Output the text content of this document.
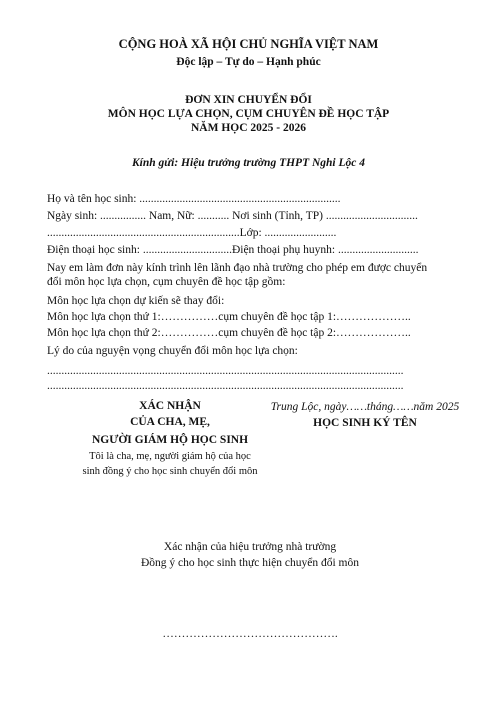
CỘNG HOÀ XÃ HỘI CHỦ NGHĨA VIỆT NAM
Độc lập – Tự do – Hạnh phúc
ĐƠN XIN CHUYỂN ĐỔI
MÔN HỌC LỰA CHỌN, CỤM CHUYÊN ĐỀ HỌC TẬP
NĂM HỌC 2025 - 2026
Kính gửi: Hiệu trưởng trường THPT Nghi Lộc 4
Họ và tên học sinh: ......................................................................
Ngày sinh: ................ Nam, Nữ: ........... Nơi sinh (Tỉnh, TP) ................................
...................................................................Lớp: .........................
Điện thoại học sinh: ...............................Điện thoại phụ huynh: ............................
Nay em làm đơn này kính trình lên lãnh đạo nhà trường cho phép em được chuyển
đổi môn học lựa chọn, cụm chuyên đề học tập gồm:
Môn học lựa chọn dự kiến sẽ thay đổi:
Môn học lựa chọn thứ 1:……………cụm chuyên đề học tập 1:………………..
Môn học lựa chọn thứ 2:……………cụm chuyên đề học tập 2:………………..
Lý do của nguyện vọng chuyển đổi môn học lựa chọn:
............................................................................................................................
............................................................................................................................
XÁC NHẬN
CỦA CHA, MẸ,
NGƯỜI GIÁM HỘ HỌC SINH
Tôi là cha, mẹ, người giám hộ của học
sinh đồng ý cho học sinh chuyển đổi môn
Trung Lộc, ngày……tháng……năm 2025
HỌC SINH KÝ TÊN
Xác nhận của hiệu trưởng nhà trường
Đồng ý cho học sinh thực hiện chuyển đổi môn
……………………………………….
